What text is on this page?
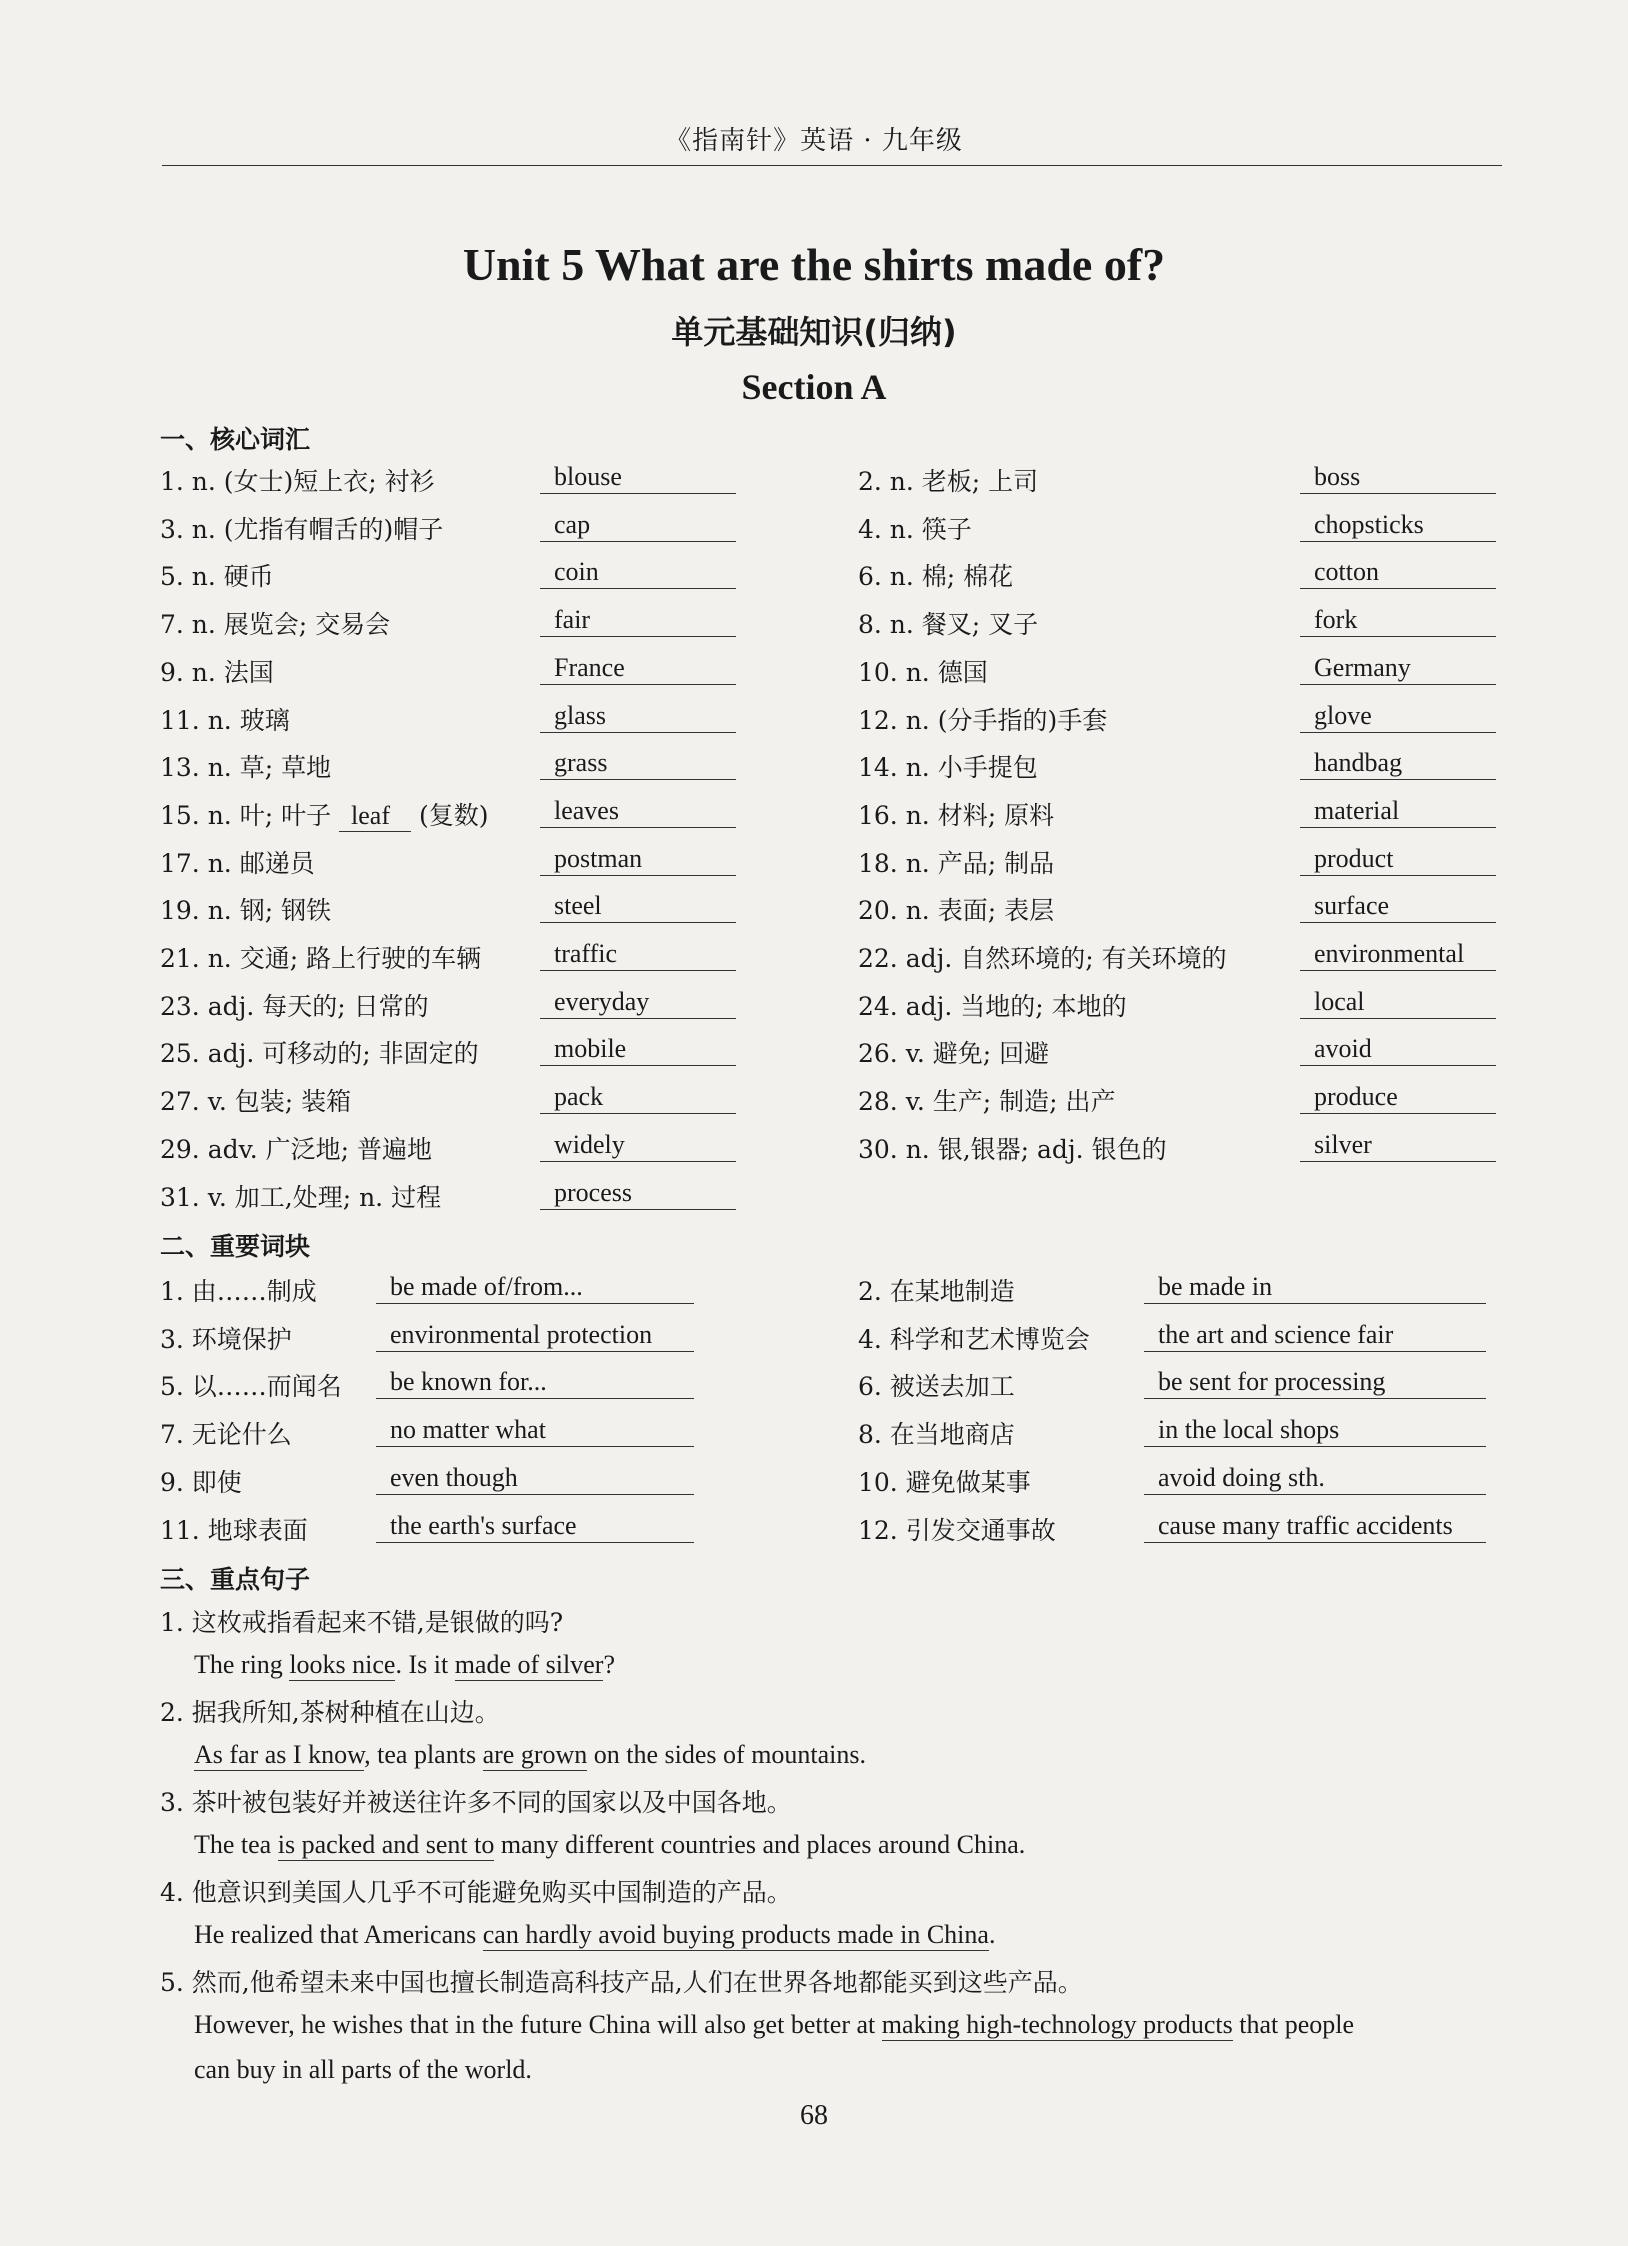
《指南针》英语 · 九年级
Unit 5 What are the shirts made of?
单元基础知识(归纳)
Section A
一、核心词汇
1. n. (女士)短上衣; 衬衫	blouse	2. n. 老板; 上司	boss
3. n. (尤指有帽舌的)帽子	cap	4. n. 筷子	chopsticks
5. n. 硬币	coin	6. n. 棉; 棉花	cotton
7. n. 展览会; 交易会	fair	8. n. 餐叉; 叉子	fork
9. n. 法国	France	10. n. 德国	Germany
11. n. 玻璃	glass	12. n. (分手指的)手套	glove
13. n. 草; 草地	grass	14. n. 小手提包	handbag
15. n. 叶; 叶子 leaf (复数)	leaves	16. n. 材料; 原料	material
17. n. 邮递员	postman	18. n. 产品; 制品	product
19. n. 钢; 钢铁	steel	20. n. 表面; 表层	surface
21. n. 交通; 路上行驶的车辆	traffic	22. adj. 自然环境的; 有关环境的	environmental
23. adj. 每天的; 日常的	everyday	24. adj. 当地的; 本地的	local
25. adj. 可移动的; 非固定的	mobile	26. v. 避免; 回避	avoid
27. v. 包装; 装箱	pack	28. v. 生产; 制造; 出产	produce
29. adv. 广泛地; 普遍地	widely	30. n. 银,银器; adj. 银色的	silver
31. v. 加工,处理; n. 过程	process
二、重要词块
1. 由……制成	be made of/from...	2. 在某地制造	be made in
3. 环境保护	environmental protection	4. 科学和艺术博览会	the art and science fair
5. 以……而闻名	be known for...	6. 被送去加工	be sent for processing
7. 无论什么	no matter what	8. 在当地商店	in the local shops
9. 即使	even though	10. 避免做某事	avoid doing sth.
11. 地球表面	the earth's surface	12. 引发交通事故	cause many traffic accidents
三、重点句子
1. 这枚戒指看起来不错,是银做的吗?
The ring looks nice. Is it made of silver?
2. 据我所知,茶树种植在山边。
As far as I know, tea plants are grown on the sides of mountains.
3. 茶叶被包装好并被送往许多不同的国家以及中国各地。
The tea is packed and sent to many different countries and places around China.
4. 他意识到美国人几乎不可能避免购买中国制造的产品。
He realized that Americans can hardly avoid buying products made in China.
5. 然而,他希望未来中国也擅长制造高科技产品,人们在世界各地都能买到这些产品。
However, he wishes that in the future China will also get better at making high-technology products that people
can buy in all parts of the world.
68
